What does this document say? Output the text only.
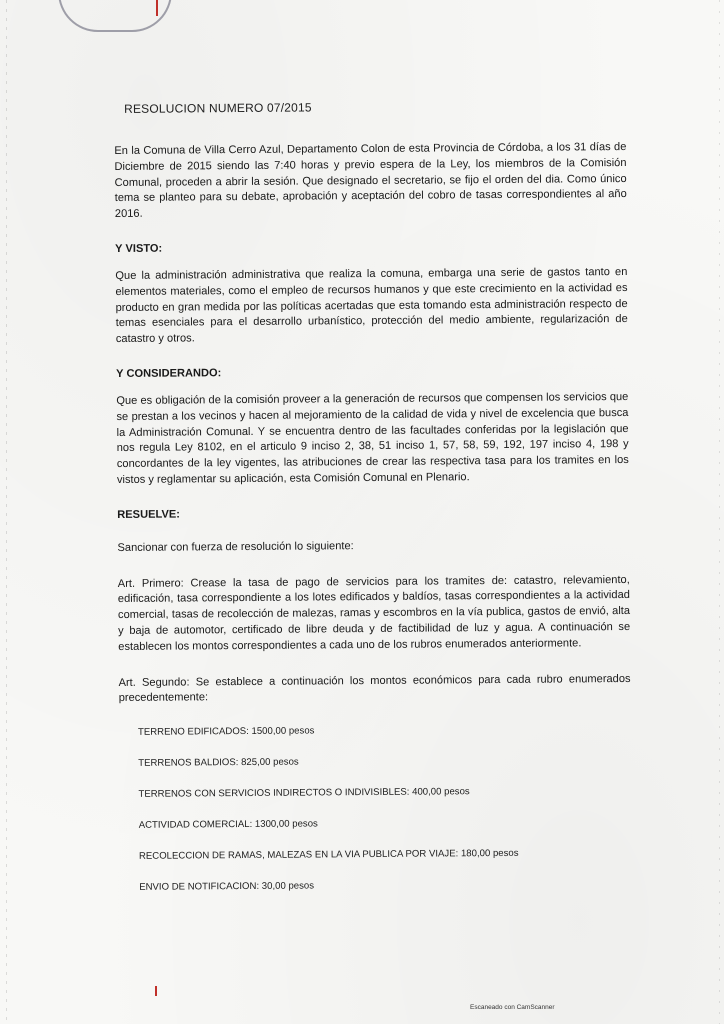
RESOLUCION NUMERO 07/2015

En la Comuna de Villa Cerro Azul, Departamento Colon de esta Provincia de Córdoba, a los 31 días de Diciembre de 2015 siendo las 7:40 horas y previo espera de la Ley, los miembros de la Comisión Comunal, proceden a abrir la sesión. Que designado el secretario, se fijo el orden del dia. Como único tema se planteo para su debate, aprobación y aceptación del cobro de tasas correspondientes al año 2016.

Y VISTO:

Que la administración administrativa que realiza la comuna, embarga una serie de gastos tanto en elementos materiales, como el empleo de recursos humanos y que este crecimiento en la actividad es producto en gran medida por las políticas acertadas que esta tomando esta administración respecto de temas esenciales para el desarrollo urbanístico, protección del medio ambiente, regularización de catastro y otros.

Y CONSIDERANDO:

Que es obligación de la comisión proveer a la generación de recursos que compensen los servicios que se prestan a los vecinos y hacen al mejoramiento de la calidad de vida y nivel de excelencia que busca la Administración Comunal. Y se encuentra dentro de las facultades conferidas por la legislación que nos regula Ley 8102, en el articulo 9 inciso 2, 38, 51 inciso 1, 57, 58, 59, 192, 197 inciso 4, 198 y concordantes de la ley vigentes, las atribuciones de crear las respectiva tasa para los tramites en los vistos y reglamentar su aplicación, esta Comisión Comunal en Plenario.

RESUELVE:

Sancionar con fuerza de resolución lo siguiente:

Art. Primero: Crease la tasa de pago de servicios para los tramites de: catastro, relevamiento, edificación, tasa correspondiente a los lotes edificados y baldíos, tasas correspondientes a la actividad comercial, tasas de recolección de malezas, ramas y escombros en la vía publica, gastos de envió, alta y baja de automotor, certificado de libre deuda y de factibilidad de luz y agua. A continuación se establecen los montos correspondientes a cada uno de los rubros enumerados anteriormente.

Art. Segundo: Se establece a continuación los montos económicos para cada rubro enumerados precedentemente:

TERRENO EDIFICADOS: 1500,00 pesos
TERRENOS BALDIOS: 825,00 pesos
TERRENOS CON SERVICIOS INDIRECTOS O INDIVISIBLES: 400,00 pesos
ACTIVIDAD COMERCIAL: 1300,00 pesos
RECOLECCION DE RAMAS, MALEZAS EN LA VIA PUBLICA POR VIAJE: 180,00 pesos
ENVIO DE NOTIFICACION: 30,00 pesos
Escaneado con CamScanner
